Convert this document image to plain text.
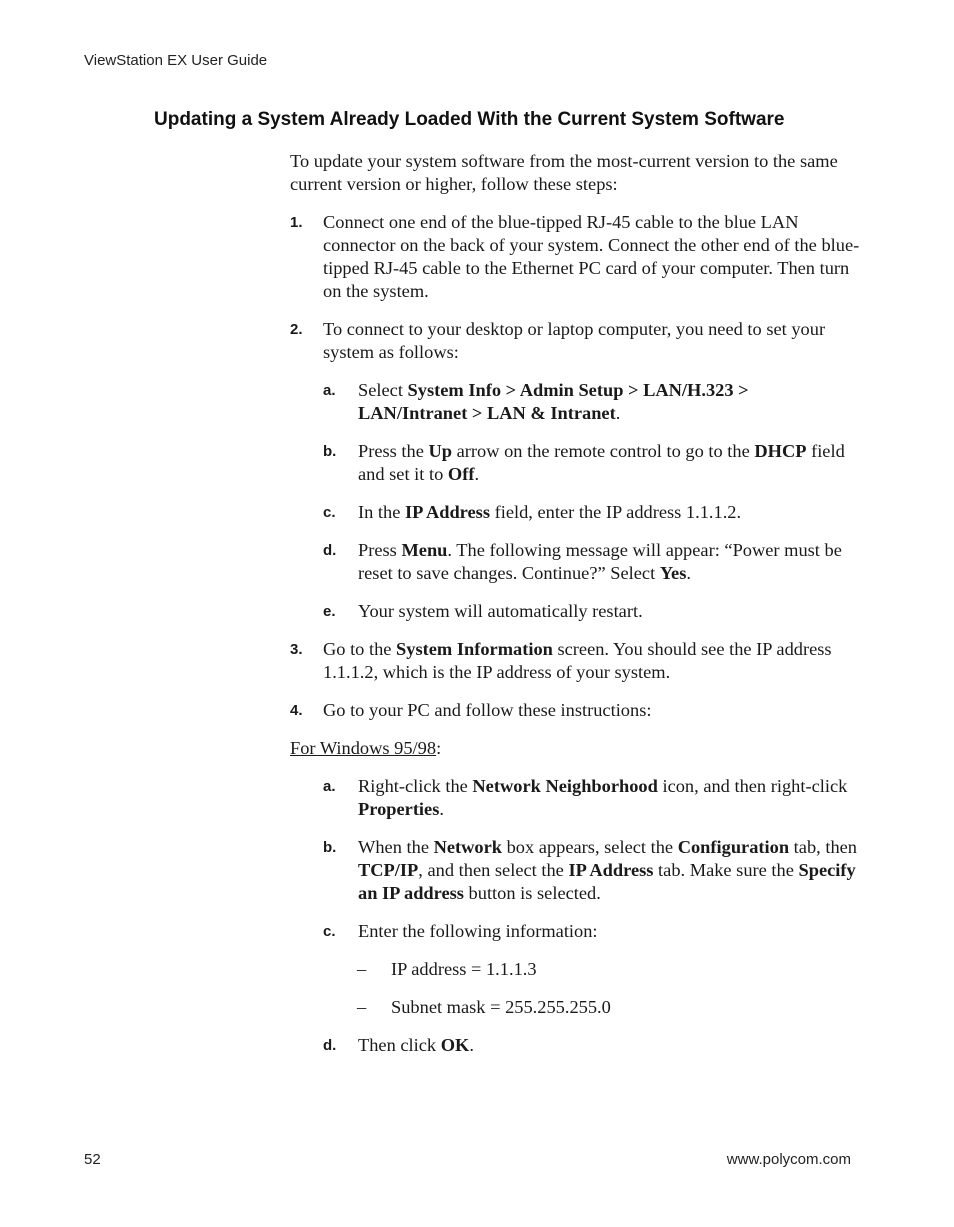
ViewStation EX User Guide
Updating a System Already Loaded With the Current System Software

To update your system software from the most-current version to the same current version or higher, follow these steps:

1.	Connect one end of the blue-tipped RJ-45 cable to the blue LAN connector on the back of your system. Connect the other end of the blue-tipped RJ-45 cable to the Ethernet PC card of your computer. Then turn on the system.
2.	To connect to your desktop or laptop computer, you need to set your system as follows:
a.	Select System Info > Admin Setup > LAN/H.323 > LAN/Intranet > LAN & Intranet.
b.	Press the Up arrow on the remote control to go to the DHCP field and set it to Off.
c.	In the IP Address field, enter the IP address 1.1.1.2.
d.	Press Menu. The following message will appear: “Power must be reset to save changes. Continue?” Select Yes.
e.	Your system will automatically restart.
3.	Go to the System Information screen. You should see the IP address 1.1.1.2, which is the IP address of your system.
4.	Go to your PC and follow these instructions:

For Windows 95/98:

a.	Right-click the Network Neighborhood icon, and then right-click Properties.
b.	When the Network box appears, select the Configuration tab, then TCP/IP, and then select the IP Address tab. Make sure the Specify an IP address button is selected.
c.	Enter the following information:
–	IP address = 1.1.1.3
–	Subnet mask = 255.255.255.0
d.	Then click OK.
52	www.polycom.com
